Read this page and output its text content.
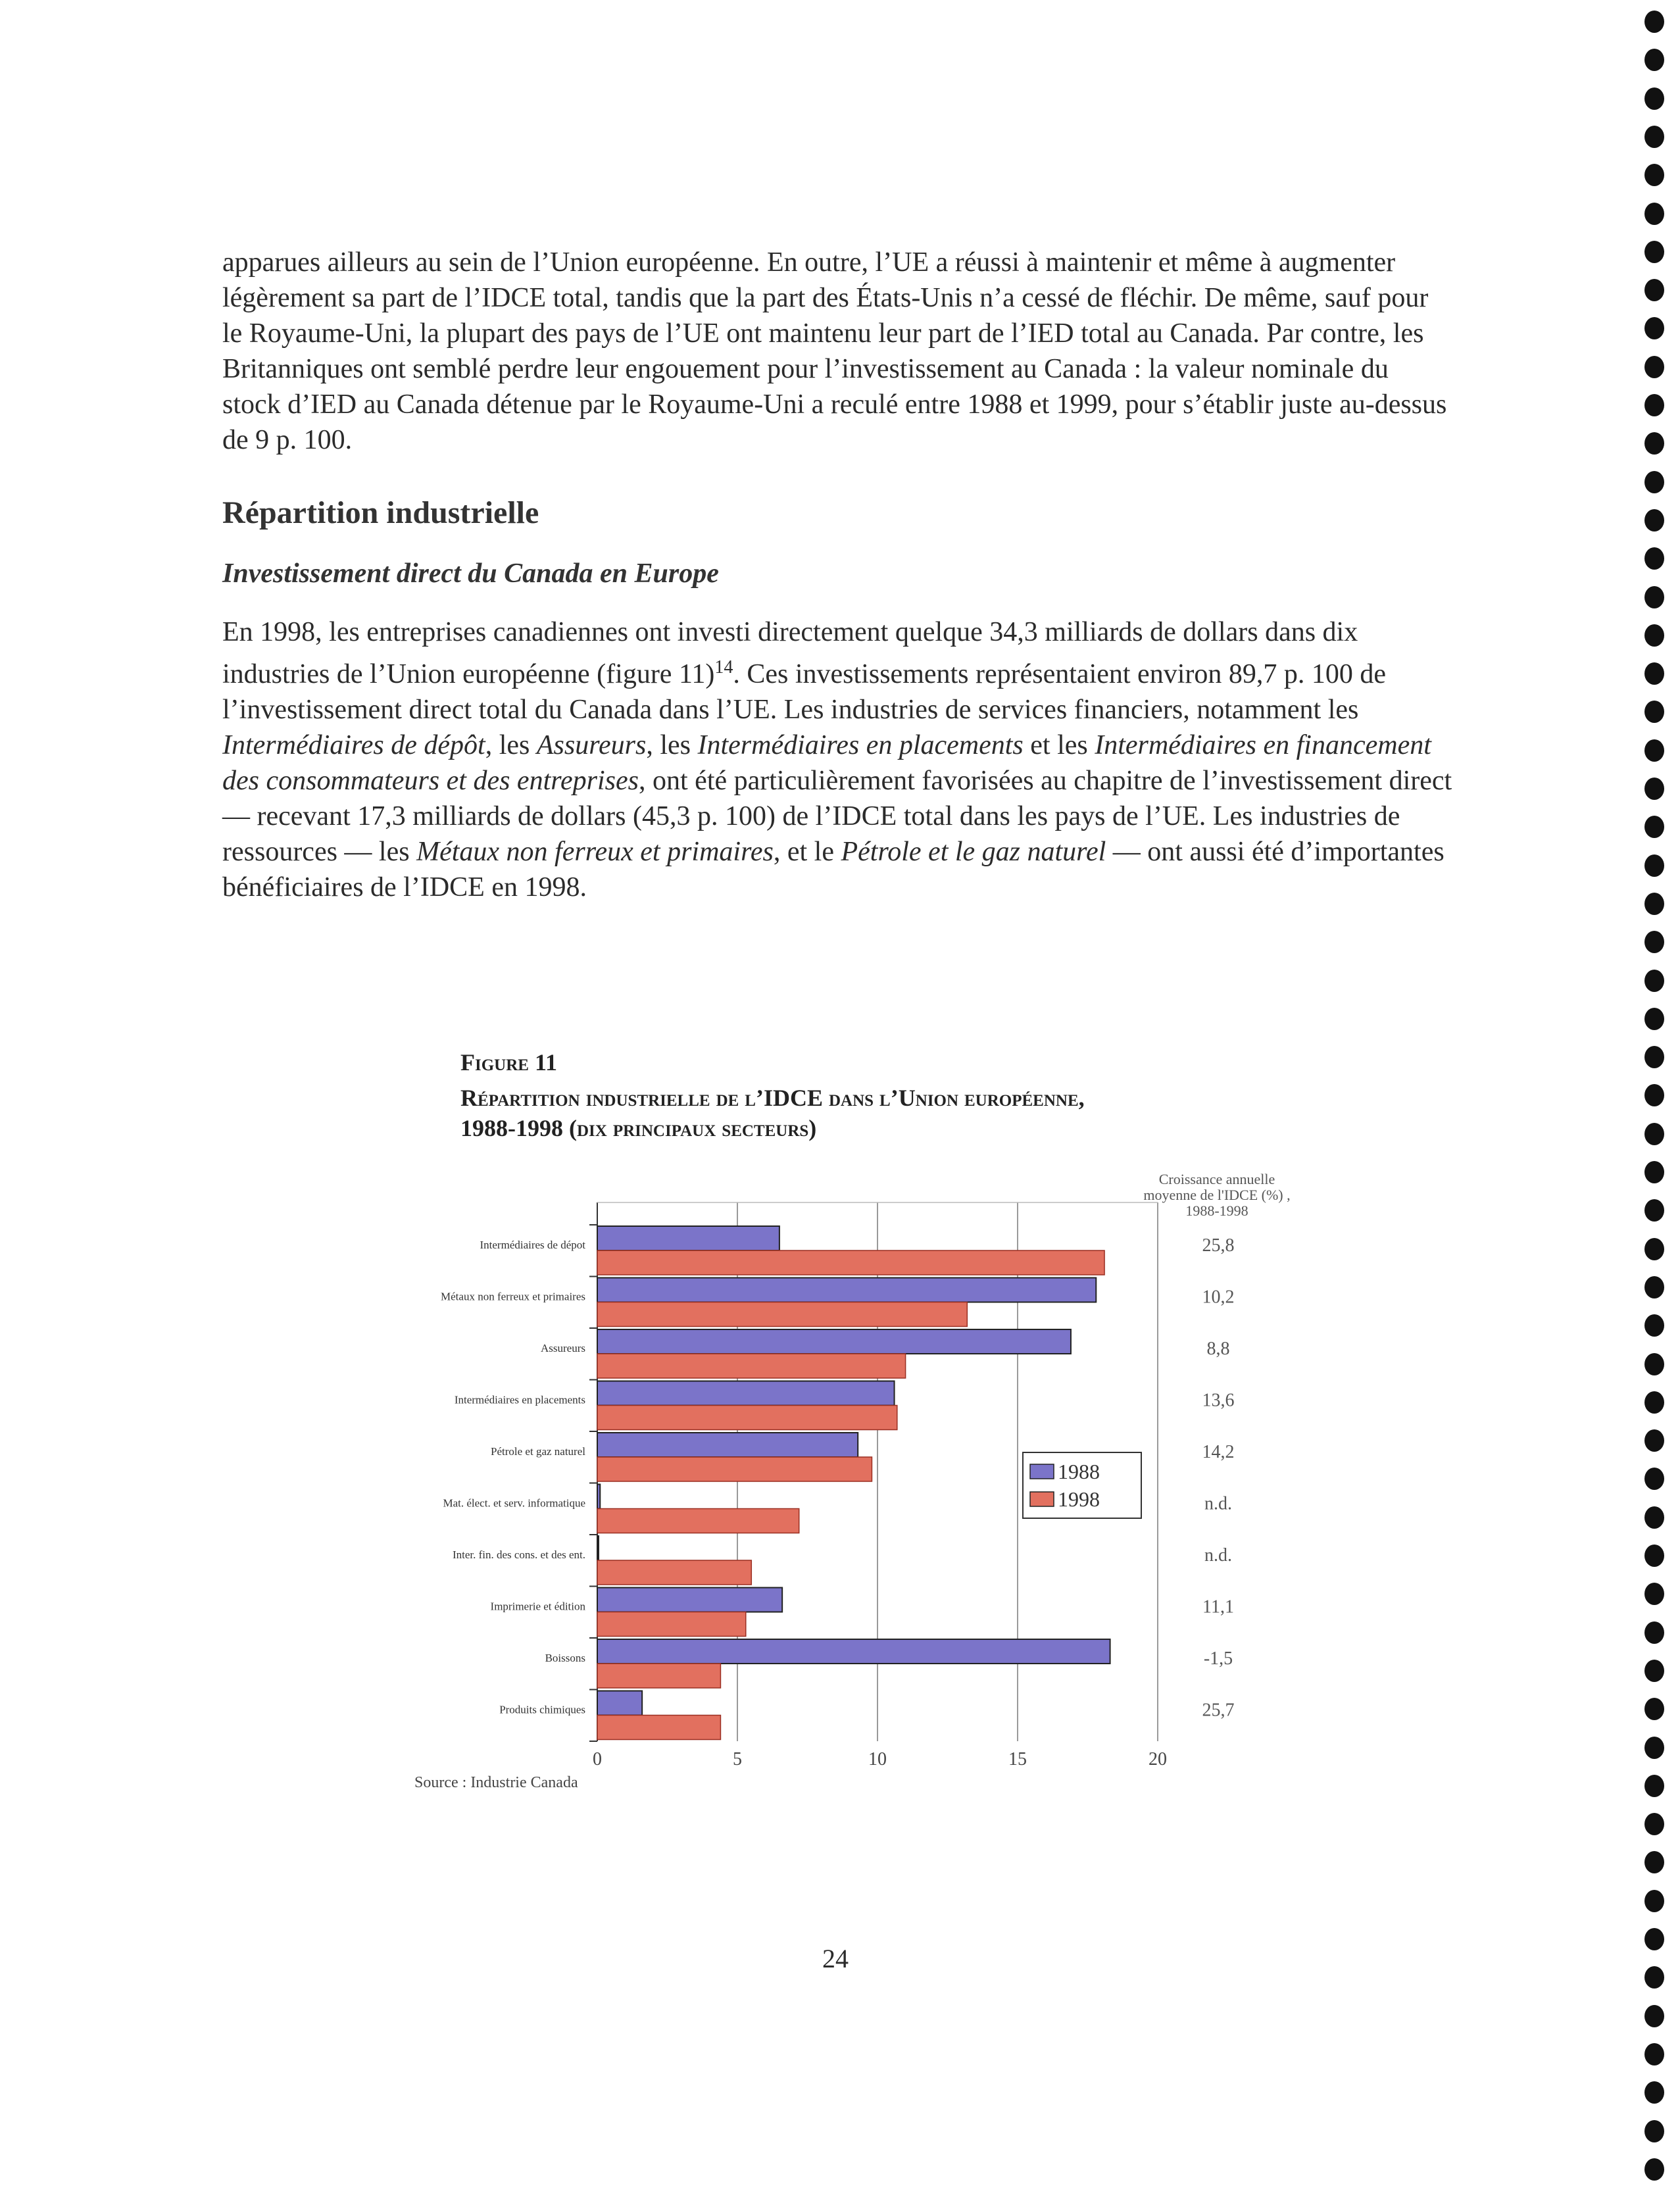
apparues ailleurs au sein de l’Union européenne. En outre, l’UE a réussi à maintenir et même à augmenter légèrement sa part de l’IDCE total, tandis que la part des États-Unis n’a cessé de fléchir. De même, sauf pour le Royaume-Uni, la plupart des pays de l’UE ont maintenu leur part de l’IED total au Canada. Par contre, les Britanniques ont semblé perdre leur engouement pour l’investissement au Canada : la valeur nominale du stock d’IED au Canada détenue par le Royaume-Uni a reculé entre 1988 et 1999, pour s’établir juste au-dessus de 9 p. 100.

Répartition industrielle
Investissement direct du Canada en Europe

En 1998, les entreprises canadiennes ont investi directement quelque 34,3 milliards de dollars dans dix industries de l’Union européenne (figure 11)$^{14}$. Ces investissements représentaient environ 89,7 p. 100 de l’investissement direct total du Canada dans l’UE. Les industries de services financiers, notamment les Intermédiaires de dépôt, les Assureurs, les Intermédiaires en placements et les Intermédiaires en financement des consommateurs et des entreprises, ont été particulièrement favorisées au chapitre de l’investissement direct — recevant 17,3 milliards de dollars (45,3 p. 100) de l’IDCE total dans les pays de l’UE. Les industries de ressources — les Métaux non ferreux et primaires, et le Pétrole et le gaz naturel — ont aussi été d’importantes bénéficiaires de l’IDCE en 1998.

Figure 11
Répartition industrielle de l’IDCE dans l’Union européenne,
1988-1998 (dix principaux secteurs)
Intermédiaires de dépot	25,8
Métaux non ferreux et primaires	10,2
Assureurs	8,8
Intermédiaires en placements	13,6
Pétrole et gaz naturel	14,2
Mat. élect. et serv. informatique	n.d.
Inter. fin. des cons. et des ent.	n.d.
Imprimerie et édition	11,1
Boissons	-1,5
Produits chimiques	25,7
0	5	10	15	20
Croissance annuelle
moyenne de l'IDCE (%) ,
1988-1998
1988
1998
Source : Industrie Canada
24
